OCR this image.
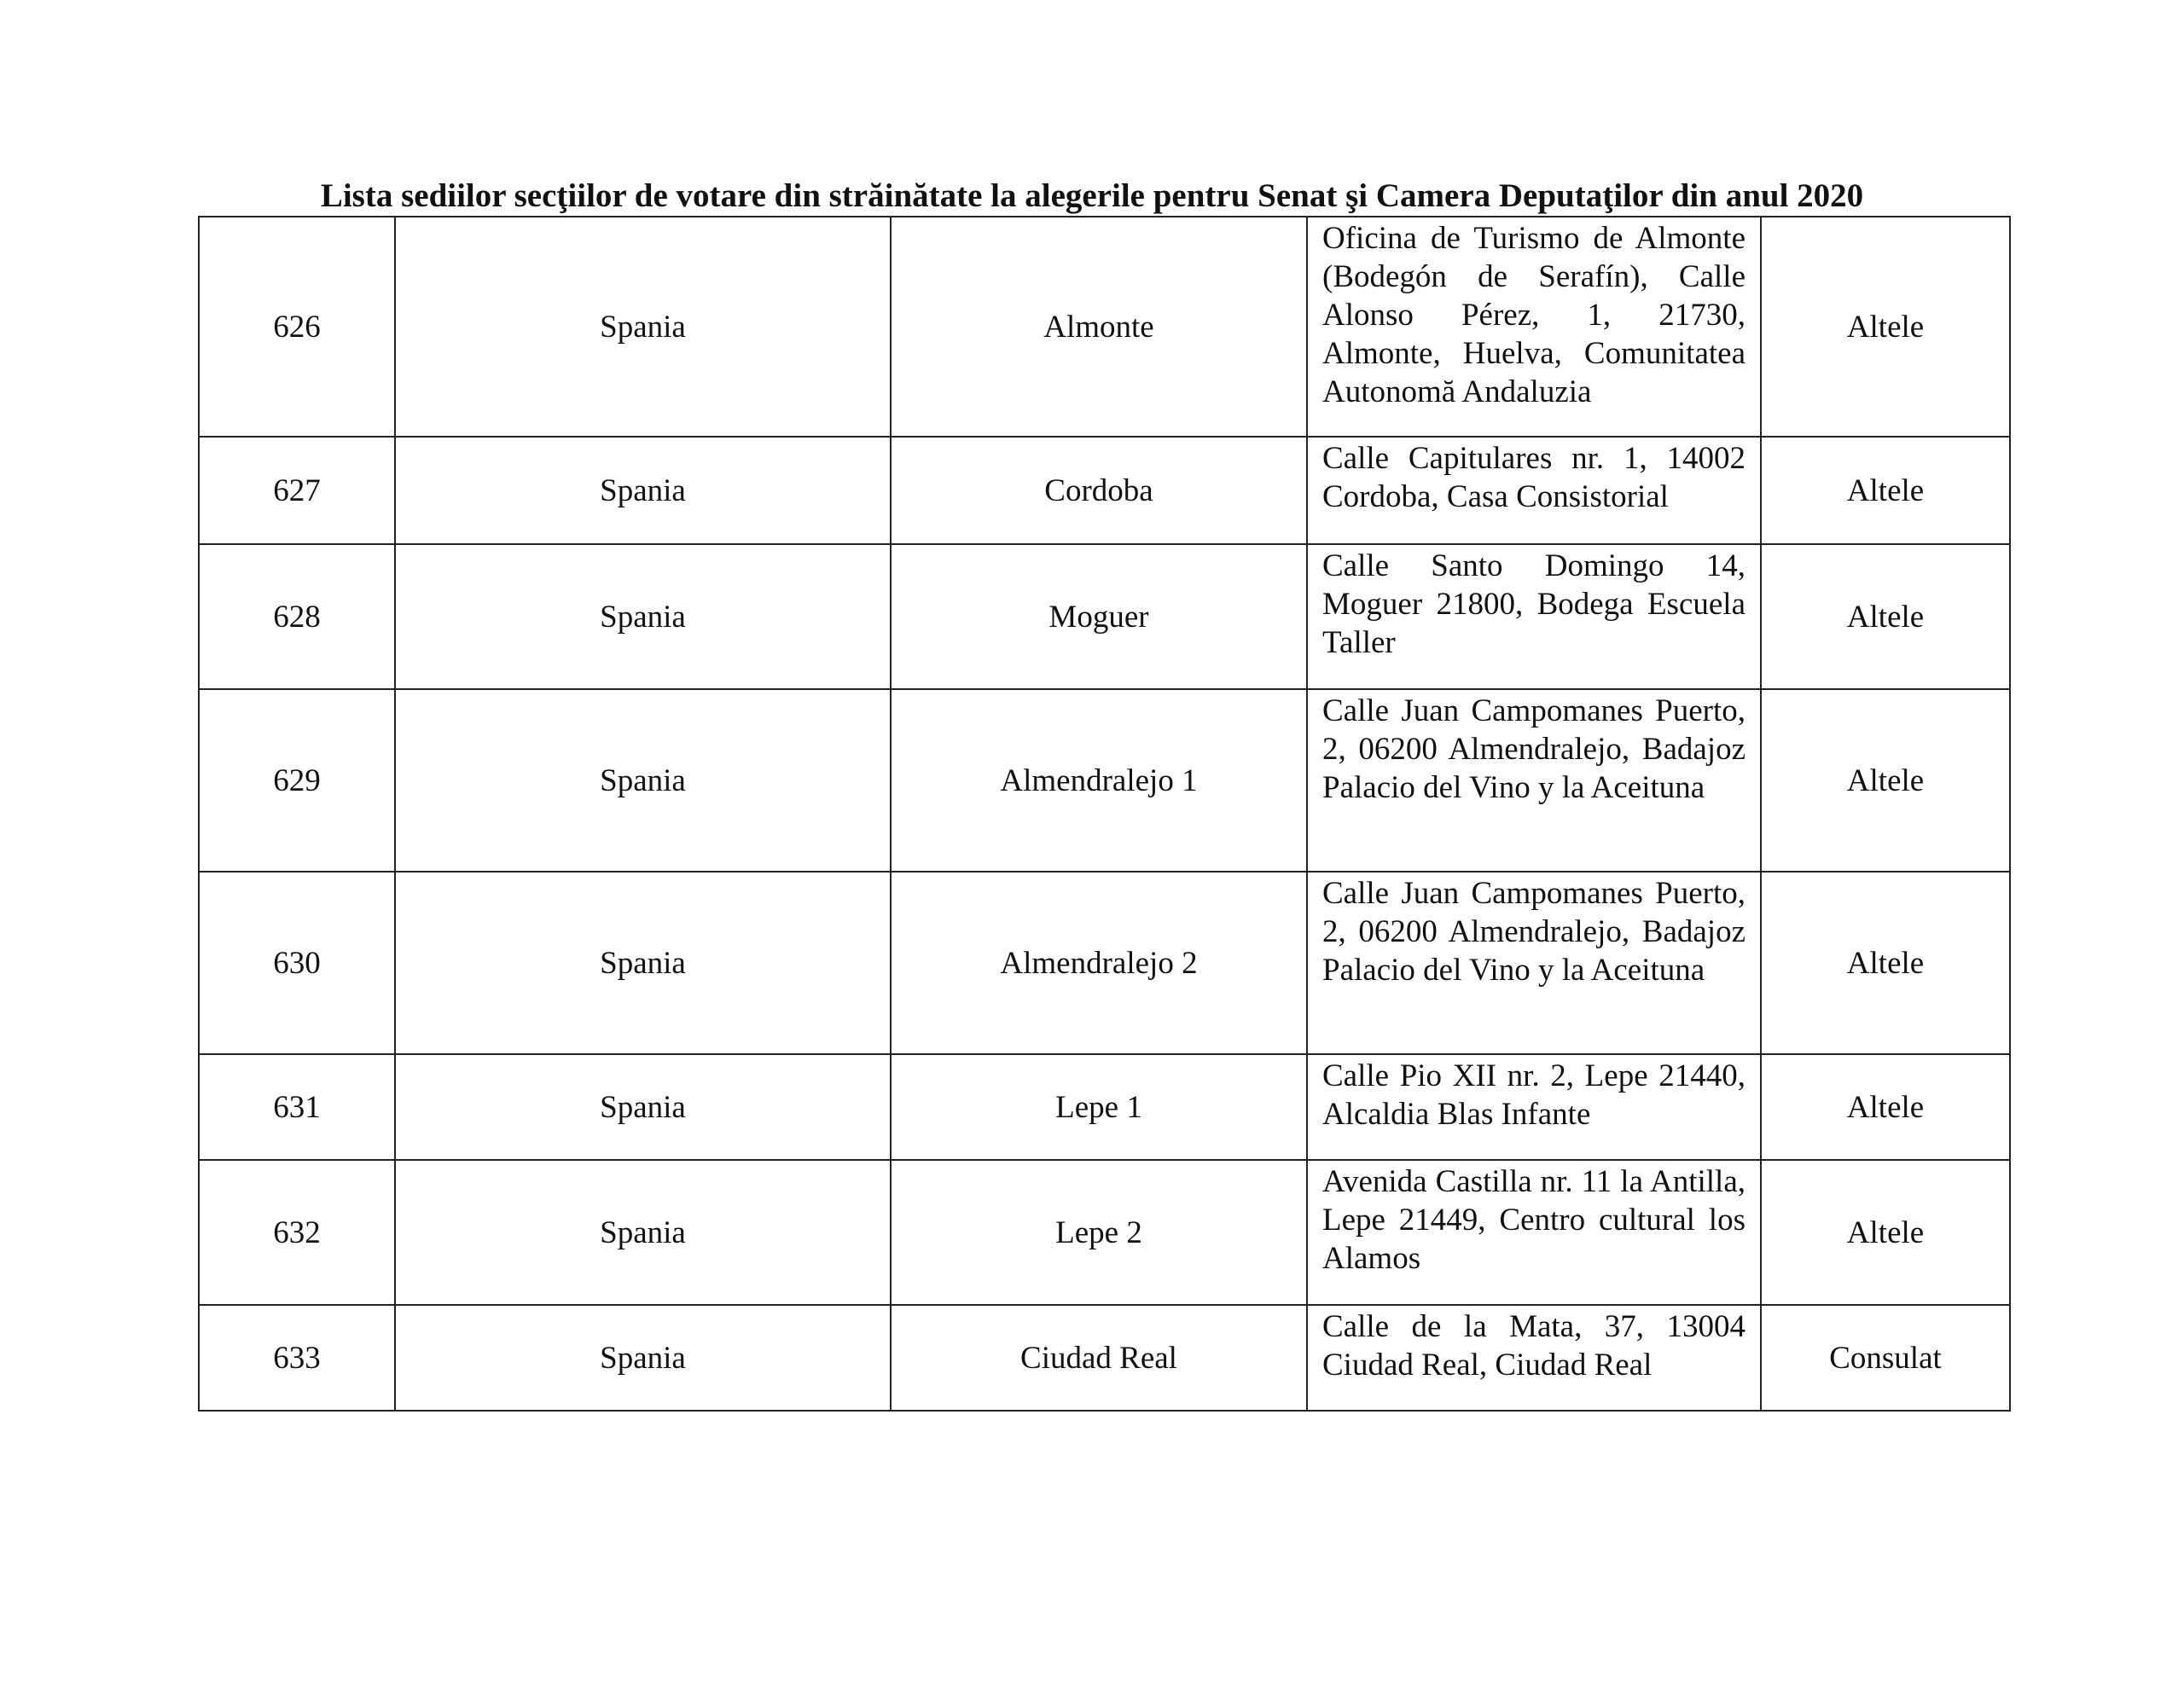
Lista sediilor secţiilor de votare din străinătate la alegerile pentru Senat şi Camera Deputaţilor din anul 2020
626	Spania	Almonte	Oficina de Turismo de Almonte (Bodegón de Serafín), Calle Alonso Pérez, 1, 21730, Almonte, Huelva, Comunitatea Autonomă Andaluzia	Altele
627	Spania	Cordoba	Calle Capitulares nr. 1, 14002 Cordoba, Casa Consistorial	Altele
628	Spania	Moguer	Calle Santo Domingo 14, Moguer 21800, Bodega Escuela Taller	Altele
629	Spania	Almendralejo 1	Calle Juan Campomanes Puerto, 2, 06200 Almendralejo, Badajoz Palacio del Vino y la Aceituna	Altele
630	Spania	Almendralejo 2	Calle Juan Campomanes Puerto, 2, 06200 Almendralejo, Badajoz Palacio del Vino y la Aceituna	Altele
631	Spania	Lepe 1	Calle Pio XII nr. 2, Lepe 21440, Alcaldia Blas Infante	Altele
632	Spania	Lepe 2	Avenida Castilla nr. 11 la Antilla, Lepe 21449, Centro cultural los Alamos	Altele
633	Spania	Ciudad Real	Calle de la Mata, 37, 13004 Ciudad Real, Ciudad Real	Consulat
